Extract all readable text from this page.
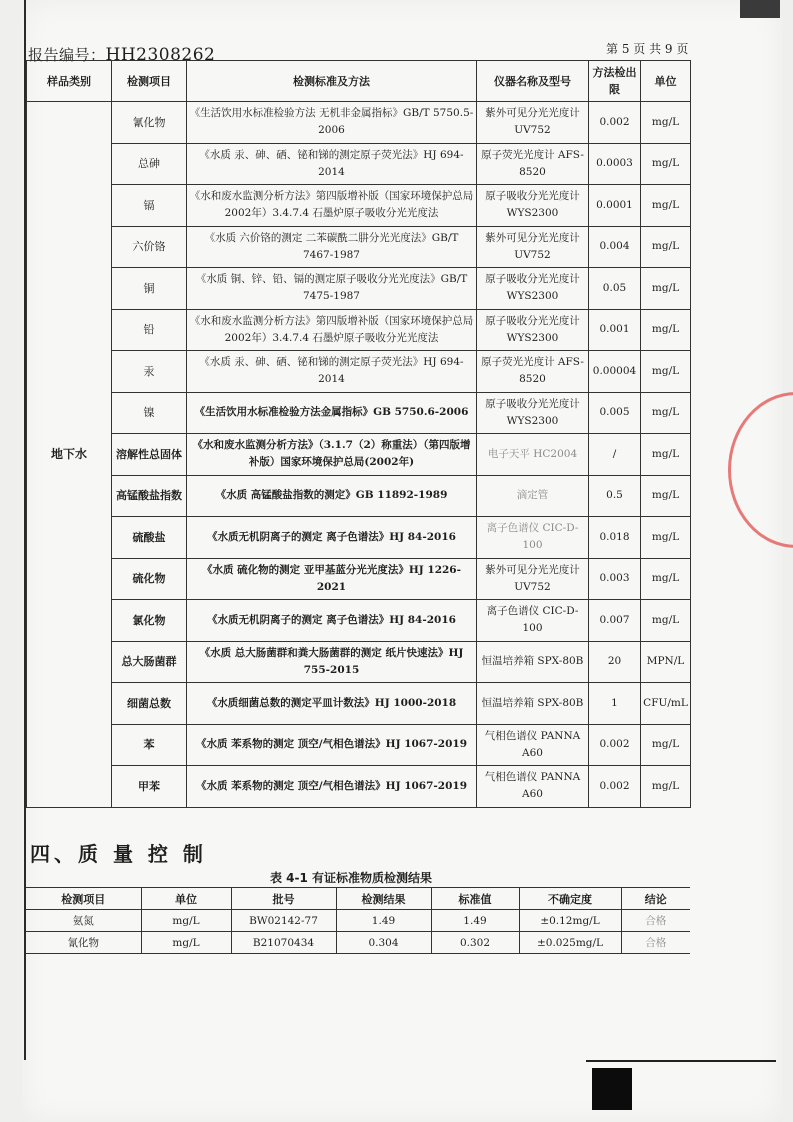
报告编号：HH2308262	第 5 页 共 9 页
样品类别	检测项目	检测标准及方法	仪器名称及型号	方法检出限	单位
地下水	氰化物	《生活饮用水标准检验方法 无机非金属指标》GB/T 5750.5-2006	紫外可见分光光度计 UV752	0.002	mg/L
	总砷	《水质 汞、砷、硒、铋和锑的测定原子荧光法》HJ 694-2014	原子荧光光度计 AFS-8520	0.0003	mg/L
	镉	《水和废水监测分析方法》第四版增补版（国家环境保护总局2002年）3.4.7.4 石墨炉原子吸收分光光度法	原子吸收分光光度计 WYS2300	0.0001	mg/L
	六价铬	《水质 六价铬的测定 二苯碳酰二肼分光光度法》GB/T 7467-1987	紫外可见分光光度计 UV752	0.004	mg/L
	铜	《水质 铜、锌、铅、镉的测定原子吸收分光光度法》GB/T 7475-1987	原子吸收分光光度计 WYS2300	0.05	mg/L
	铅	《水和废水监测分析方法》第四版增补版（国家环境保护总局2002年）3.4.7.4 石墨炉原子吸收分光光度法	原子吸收分光光度计 WYS2300	0.001	mg/L
	汞	《水质 汞、砷、硒、铋和锑的测定原子荧光法》HJ 694-2014	原子荧光光度计 AFS-8520	0.00004	mg/L
	镍	《生活饮用水标准检验方法金属指标》GB 5750.6-2006	原子吸收分光光度计 WYS2300	0.005	mg/L
	溶解性总固体	《水和废水监测分析方法》（3.1.7（2）称重法）（第四版增补版）国家环境保护总局(2002年)	电子天平 HC2004	/	mg/L
	高锰酸盐指数	《水质 高锰酸盐指数的测定》GB 11892-1989	滴定管	0.5	mg/L
	硫酸盐	《水质无机阴离子的测定 离子色谱法》HJ 84-2016	离子色谱仪 CIC-D-100	0.018	mg/L
	硫化物	《水质 硫化物的测定 亚甲基蓝分光光度法》HJ 1226-2021	紫外可见分光光度计 UV752	0.003	mg/L
	氯化物	《水质无机阴离子的测定 离子色谱法》HJ 84-2016	离子色谱仪 CIC-D-100	0.007	mg/L
	总大肠菌群	《水质 总大肠菌群和粪大肠菌群的测定 纸片快速法》HJ 755-2015	恒温培养箱 SPX-80B	20	MPN/L
	细菌总数	《水质细菌总数的测定平皿计数法》HJ 1000-2018	恒温培养箱 SPX-80B	1	CFU/mL
	苯	《水质 苯系物的测定 顶空/气相色谱法》HJ 1067-2019	气相色谱仪 PANNA A60	0.002	mg/L
	甲苯	《水质 苯系物的测定 顶空/气相色谱法》HJ 1067-2019	气相色谱仪 PANNA A60	0.002	mg/L
四、质 量 控 制
表 4-1 有证标准物质检测结果
检测项目	单位	批号	检测结果	标准值	不确定度	结论
氨氮	mg/L	BW02142-77	1.49	1.49	±0.12mg/L	合格
氰化物	mg/L	B21070434	0.304	0.302	±0.025mg/L	合格
